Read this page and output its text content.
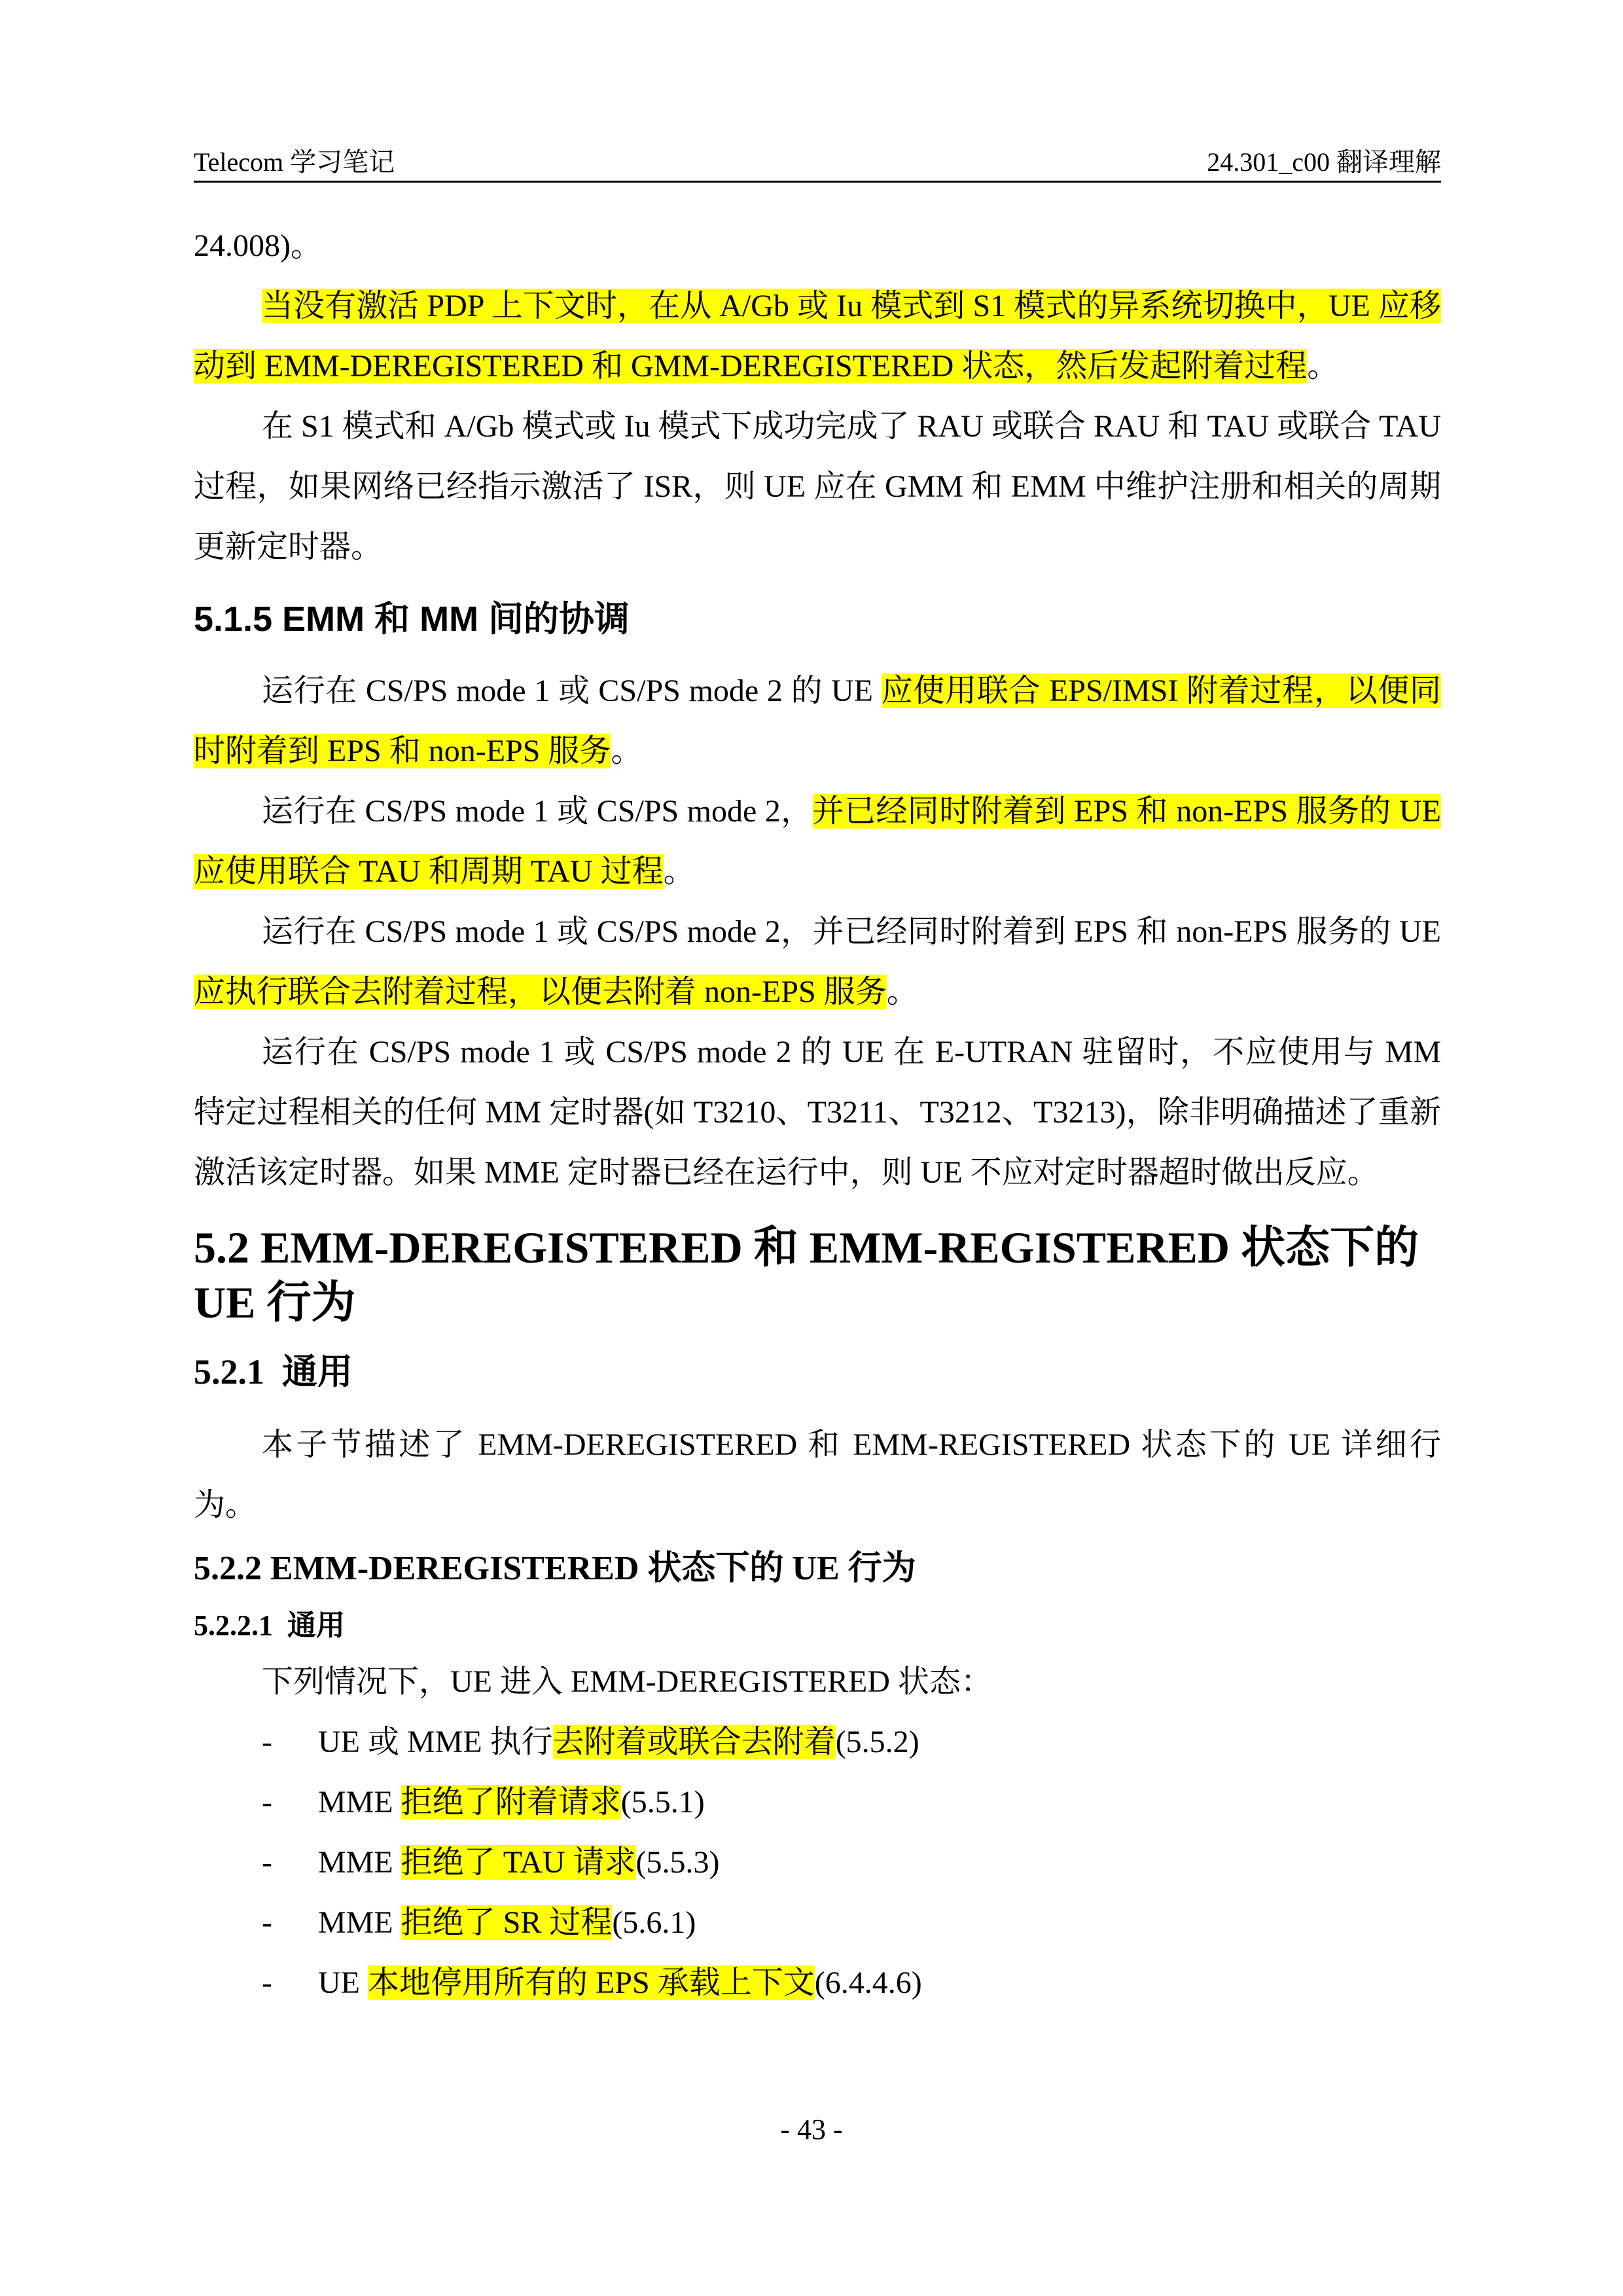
Telecom 学习笔记	24.301_c00 翻译理解

24.008)。

当没有激活 PDP 上下文时，在从 A/Gb 或 Iu 模式到 S1 模式的异系统切换中，UE 应移动到 EMM-DEREGISTERED 和 GMM-DEREGISTERED 状态，然后发起附着过程。

在 S1 模式和 A/Gb 模式或 Iu 模式下成功完成了 RAU 或联合 RAU 和 TAU 或联合 TAU 过程，如果网络已经指示激活了 ISR，则 UE 应在 GMM 和 EMM 中维护注册和相关的周期更新定时器。

5.1.5 EMM 和 MM 间的协调

运行在 CS/PS mode 1 或 CS/PS mode 2 的 UE 应使用联合 EPS/IMSI 附着过程，以便同时附着到 EPS 和 non-EPS 服务。

运行在 CS/PS mode 1 或 CS/PS mode 2，并已经同时附着到 EPS 和 non-EPS 服务的 UE 应使用联合 TAU 和周期 TAU 过程。

运行在 CS/PS mode 1 或 CS/PS mode 2，并已经同时附着到 EPS 和 non-EPS 服务的 UE 应执行联合去附着过程，以便去附着 non-EPS 服务。

运行在 CS/PS mode 1 或 CS/PS mode 2 的 UE 在 E-UTRAN 驻留时，不应使用与 MM 特定过程相关的任何 MM 定时器(如 T3210、T3211、T3212、T3213)，除非明确描述了重新激活该定时器。如果 MME 定时器已经在运行中，则 UE 不应对定时器超时做出反应。

5.2 EMM-DEREGISTERED 和 EMM-REGISTERED 状态下的 UE 行为
5.2.1 通用

本子节描述了 EMM-DEREGISTERED 和 EMM-REGISTERED 状态下的 UE 详细行为。

5.2.2 EMM-DEREGISTERED 状态下的 UE 行为
5.2.2.1 通用

下列情况下，UE 进入 EMM-DEREGISTERED 状态：

- UE 或 MME 执行去附着或联合去附着(5.5.2)
- MME 拒绝了附着请求(5.5.1)
- MME 拒绝了 TAU 请求(5.5.3)
- MME 拒绝了 SR 过程(5.6.1)
- UE 本地停用所有的 EPS 承载上下文(6.4.4.6)
- 43 -
